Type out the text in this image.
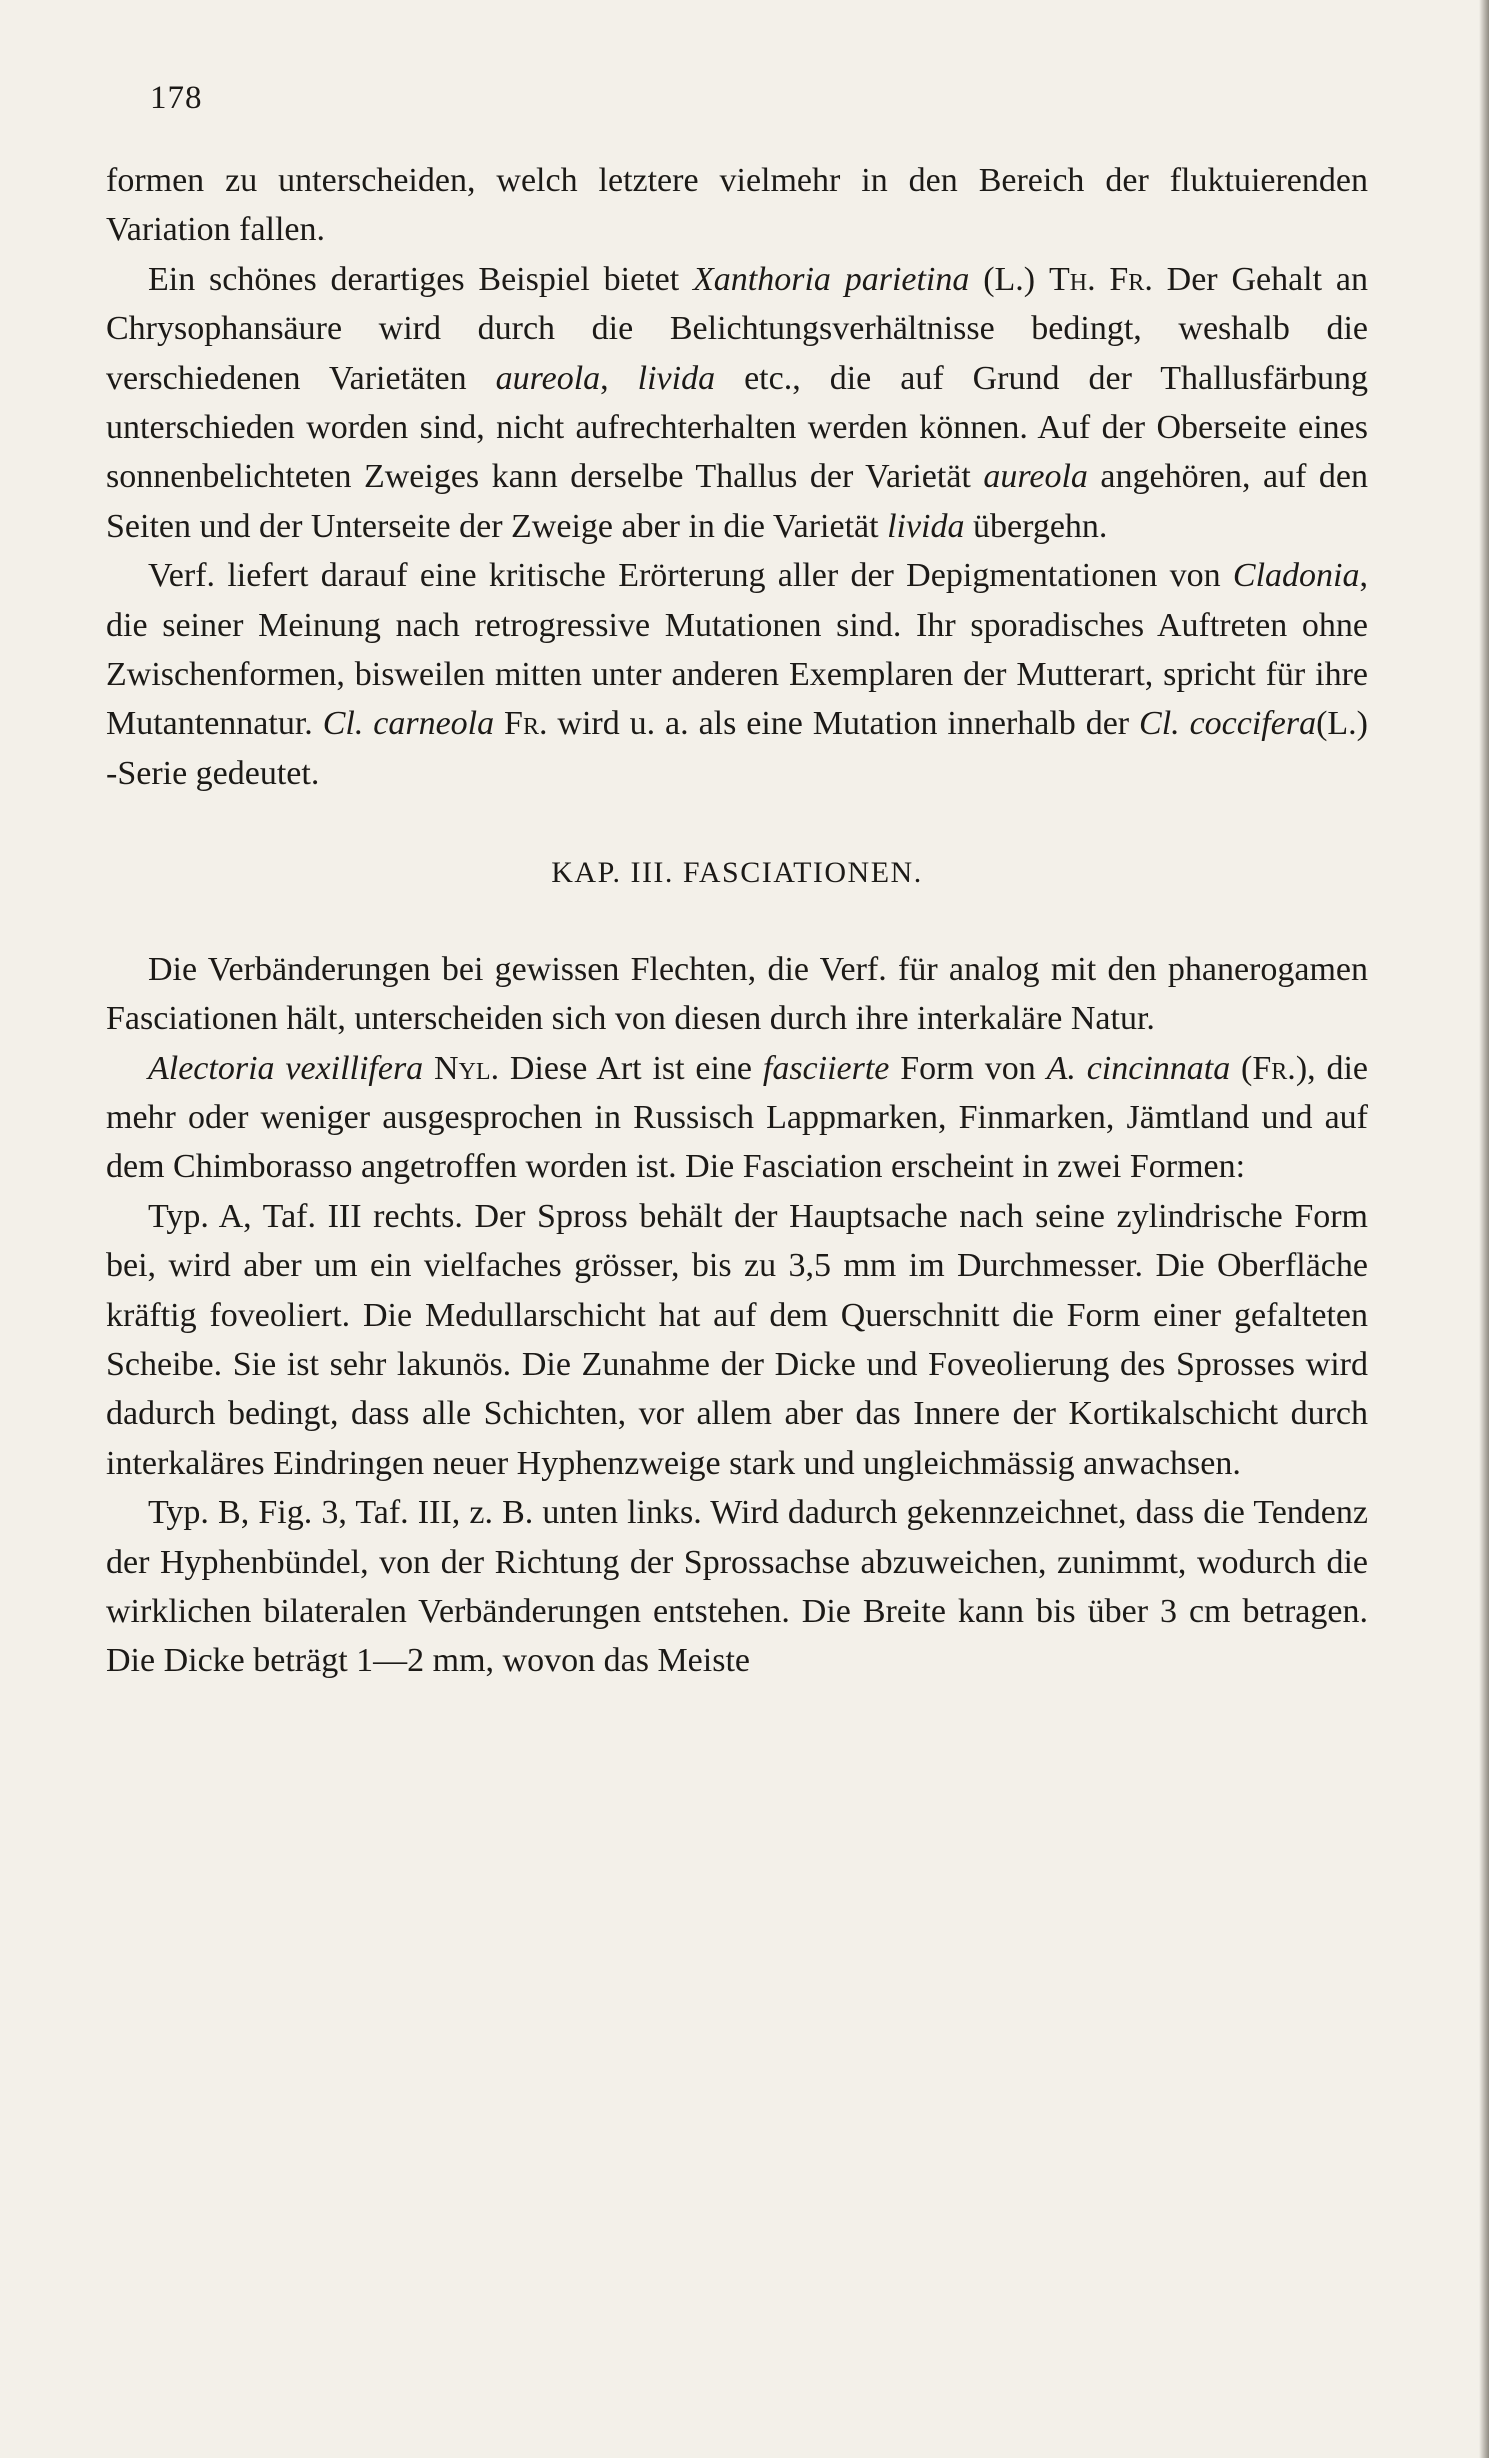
178

formen zu unterscheiden, welch letztere vielmehr in den Bereich der fluktuierenden Variation fallen.

Ein schönes derartiges Beispiel bietet Xanthoria parietina (L.) Th. Fr. Der Gehalt an Chrysophansäure wird durch die Belichtungsverhältnisse bedingt, weshalb die verschiedenen Varietäten aureola, livida etc., die auf Grund der Thallusfärbung unterschieden worden sind, nicht aufrechterhalten werden können. Auf der Oberseite eines sonnenbelichteten Zweiges kann derselbe Thallus der Varietät aureola angehören, auf den Seiten und der Unterseite der Zweige aber in die Varietät livida übergehn.

Verf. liefert darauf eine kritische Erörterung aller der Depigmentationen von Cladonia, die seiner Meinung nach retrogressive Mutationen sind. Ihr sporadisches Auftreten ohne Zwischenformen, bisweilen mitten unter anderen Exemplaren der Mutterart, spricht für ihre Mutantennatur. Cl. carneola Fr. wird u. a. als eine Mutation innerhalb der Cl. coccifera(L.) -Serie gedeutet.

KAP. III. FASCIATIONEN.

Die Verbänderungen bei gewissen Flechten, die Verf. für analog mit den phanerogamen Fasciationen hält, unterscheiden sich von diesen durch ihre interkaläre Natur.

Alectoria vexillifera Nyl. Diese Art ist eine fasciierte Form von A. cincinnata (Fr.), die mehr oder weniger ausgesprochen in Russisch Lappmarken, Finmarken, Jämtland und auf dem Chimborasso angetroffen worden ist. Die Fasciation erscheint in zwei Formen:

Typ. A, Taf. III rechts. Der Spross behält der Hauptsache nach seine zylindrische Form bei, wird aber um ein vielfaches grösser, bis zu 3,5 mm im Durchmesser. Die Oberfläche kräftig foveoliert. Die Medullarschicht hat auf dem Querschnitt die Form einer gefalteten Scheibe. Sie ist sehr lakunös. Die Zunahme der Dicke und Foveolierung des Sprosses wird dadurch bedingt, dass alle Schichten, vor allem aber das Innere der Kortikalschicht durch interkaläres Eindringen neuer Hyphenzweige stark und ungleichmässig anwachsen.

Typ. B, Fig. 3, Taf. III, z. B. unten links. Wird dadurch gekennzeichnet, dass die Tendenz der Hyphenbündel, von der Richtung der Sprossachse abzuweichen, zunimmt, wodurch die wirklichen bilateralen Verbänderungen entstehen. Die Breite kann bis über 3 cm betragen. Die Dicke beträgt 1—2 mm, wovon das Meiste
